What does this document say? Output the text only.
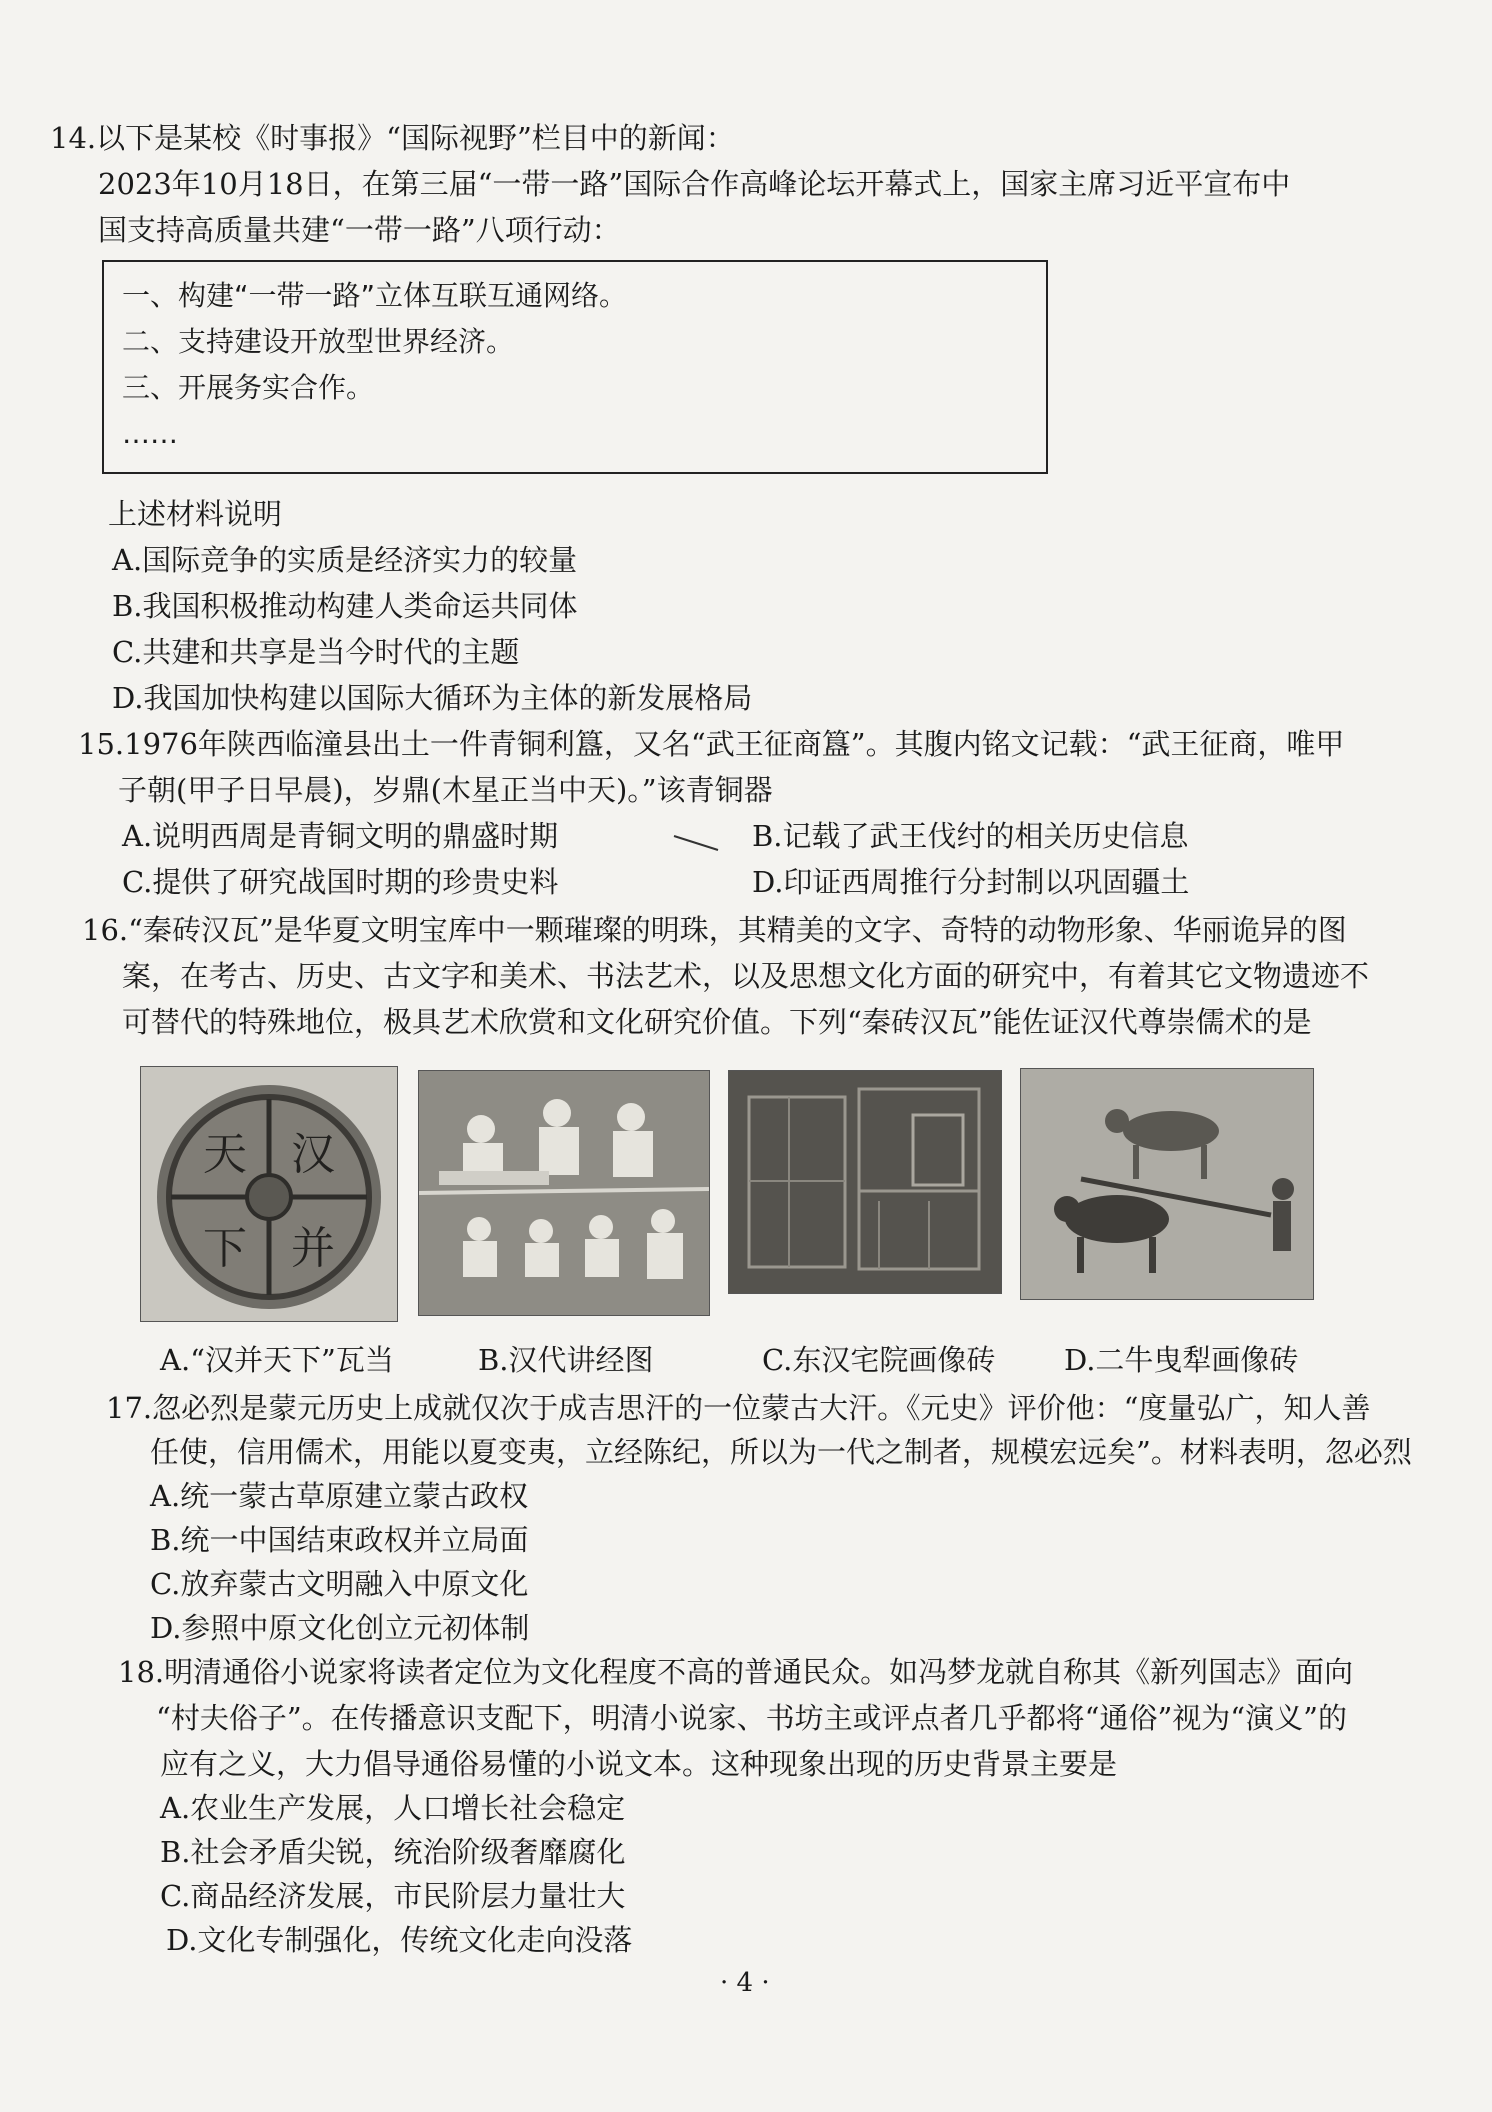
14.以下是某校《时事报》“国际视野”栏目中的新闻：
2023年10月18日，在第三届“一带一路”国际合作高峰论坛开幕式上，国家主席习近平宣布中
国支持高质量共建“一带一路”八项行动：
一、构建“一带一路”立体互联互通网络。
二、支持建设开放型世界经济。
三、开展务实合作。
……
上述材料说明
A.国际竞争的实质是经济实力的较量
B.我国积极推动构建人类命运共同体
C.共建和共享是当今时代的主题
D.我国加快构建以国际大循环为主体的新发展格局
15.1976年陕西临潼县出土一件青铜利簋，又名“武王征商簋”。其腹内铭文记载：“武王征商，唯甲
子朝(甲子日早晨)，岁鼎(木星正当中天)。”该青铜器
A.说明西周是青铜文明的鼎盛时期	B.记载了武王伐纣的相关历史信息
C.提供了研究战国时期的珍贵史料	D.印证西周推行分封制以巩固疆土
16.“秦砖汉瓦”是华夏文明宝库中一颗璀璨的明珠，其精美的文字、奇特的动物形象、华丽诡异的图
案，在考古、历史、古文字和美术、书法艺术，以及思想文化方面的研究中，有着其它文物遗迹不
可替代的特殊地位，极具艺术欣赏和文化研究价值。下列“秦砖汉瓦”能佐证汉代尊崇儒术的是
汉
并
天
下
A.“汉并天下”瓦当	B.汉代讲经图	C.东汉宅院画像砖 D.二牛曳犁画像砖
17.忽必烈是蒙元历史上成就仅次于成吉思汗的一位蒙古大汗。《元史》评价他：“度量弘广，知人善
任使，信用儒术，用能以夏变夷，立经陈纪，所以为一代之制者，规模宏远矣”。材料表明，忽必烈
A.统一蒙古草原建立蒙古政权
B.统一中国结束政权并立局面
C.放弃蒙古文明融入中原文化
D.参照中原文化创立元初体制
18.明清通俗小说家将读者定位为文化程度不高的普通民众。如冯梦龙就自称其《新列国志》面向
“村夫俗子”。在传播意识支配下，明清小说家、书坊主或评点者几乎都将“通俗”视为“演义”的
应有之义，大力倡导通俗易懂的小说文本。这种现象出现的历史背景主要是
A.农业生产发展，人口增长社会稳定
B.社会矛盾尖锐，统治阶级奢靡腐化
C.商品经济发展，市民阶层力量壮大
D.文化专制强化，传统文化走向没落
· 4 ·
